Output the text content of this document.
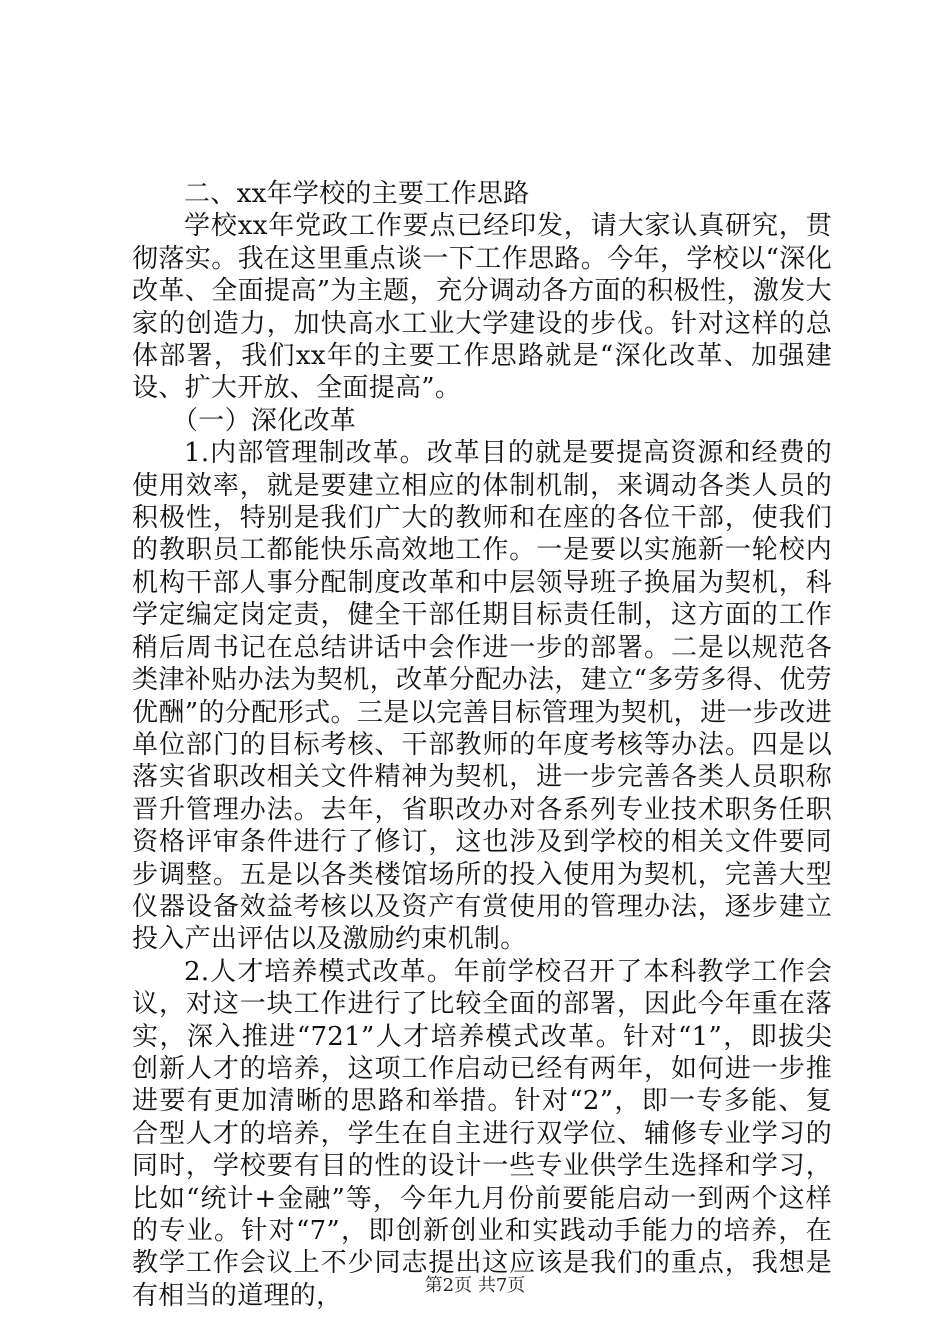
二、xx年学校的主要工作思路

学校xx年党政工作要点已经印发，请大家认真研究，贯彻落实。我在这里重点谈一下工作思路。今年，学校以“深化改革、全面提高”为主题，充分调动各方面的积极性，激发大家的创造力，加快高水工业大学建设的步伐。针对这样的总体部署，我们xx年的主要工作思路就是“深化改革、加强建设、扩大开放、全面提高”。

（一）深化改革

1.内部管理制改革。改革目的就是要提高资源和经费的使用效率，就是要建立相应的体制机制，来调动各类人员的积极性，特别是我们广大的教师和在座的各位干部，使我们的教职员工都能快乐高效地工作。一是要以实施新一轮校内机构干部人事分配制度改革和中层领导班子换届为契机，科学定编定岗定责，健全干部任期目标责任制，这方面的工作稍后周书记在总结讲话中会作进一步的部署。二是以规范各类津补贴办法为契机，改革分配办法，建立“多劳多得、优劳优酬”的分配形式。三是以完善目标管理为契机，进一步改进单位部门的目标考核、干部教师的年度考核等办法。四是以落实省职改相关文件精神为契机，进一步完善各类人员职称晋升管理办法。去年，省职改办对各系列专业技术职务任职资格评审条件进行了修订，这也涉及到学校的相关文件要同步调整。五是以各类楼馆场所的投入使用为契机，完善大型仪器设备效益考核以及资产有赏使用的管理办法，逐步建立投入产出评估以及激励约束机制。

2.人才培养模式改革。年前学校召开了本科教学工作会议，对这一块工作进行了比较全面的部署，因此今年重在落实，深入推进“721”人才培养模式改革。针对“1”，即拔尖创新人才的培养，这项工作启动已经有两年，如何进一步推进要有更加清晰的思路和举措。针对“2”，即一专多能、复合型人才的培养，学生在自主进行双学位、辅修专业学习的同时，学校要有目的性的设计一些专业供学生选择和学习，比如“统计+金融”等，今年九月份前要能启动一到两个这样的专业。针对“7”，即创新创业和实践动手能力的培养，在教学工作会议上不少同志提出这应该是我们的重点，我想是有相当的道理的，	第2页 共7页
